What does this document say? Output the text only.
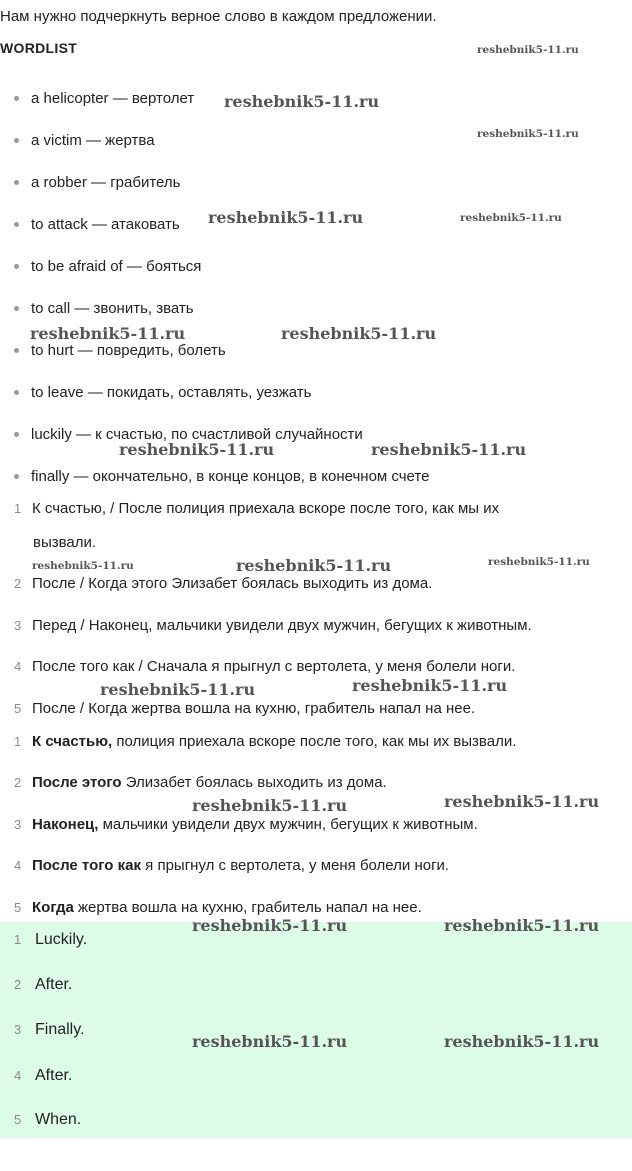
Нам нужно подчеркнуть верное слово в каждом предложении.
WORDLIST
a helicopter — вертолет
a victim — жертва
a robber — грабитель
to attack — атаковать
to be afraid of — бояться
to call — звонить, звать
to hurt — повредить, болеть
to leave — покидать, оставлять, уезжать
luckily — к счастью, по счастливой случайности
finally — окончательно, в конце концов, в конечном счете
1 К счастью, / После полиция приехала вскоре после того, как мы их
вызвали.
2 После / Когда этого Элизабет боялась выходить из дома.
3 Перед / Наконец, мальчики увидели двух мужчин, бегущих к животным.
4 После того как / Сначала я прыгнул с вертолета, у меня болели ноги.
5 После / Когда жертва вошла на кухню, грабитель напал на нее.
1 К счастью, полиция приехала вскоре после того, как мы их вызвали.
2 После этого Элизабет боялась выходить из дома.
3 Наконец, мальчики увидели двух мужчин, бегущих к животным.
4 После того как я прыгнул с вертолета, у меня болели ноги.
5 Когда жертва вошла на кухню, грабитель напал на нее.
1 Luckily.
2 After.
3 Finally.
4 After.
5 When.
reshebnik5-11.ru
reshebnik5-11.ru
reshebnik5-11.ru
reshebnik5-11.ru	reshebnik5-11.ru
reshebnik5-11.ru	reshebnik5-11.ru
reshebnik5-11.ru	reshebnik5-11.ru
reshebnik5-11.ru	reshebnik5-11.ru	reshebnik5-11.ru
reshebnik5-11.ru	reshebnik5-11.ru
reshebnik5-11.ru	reshebnik5-11.ru
reshebnik5-11.ru	reshebnik5-11.ru
reshebnik5-11.ru	reshebnik5-11.ru
